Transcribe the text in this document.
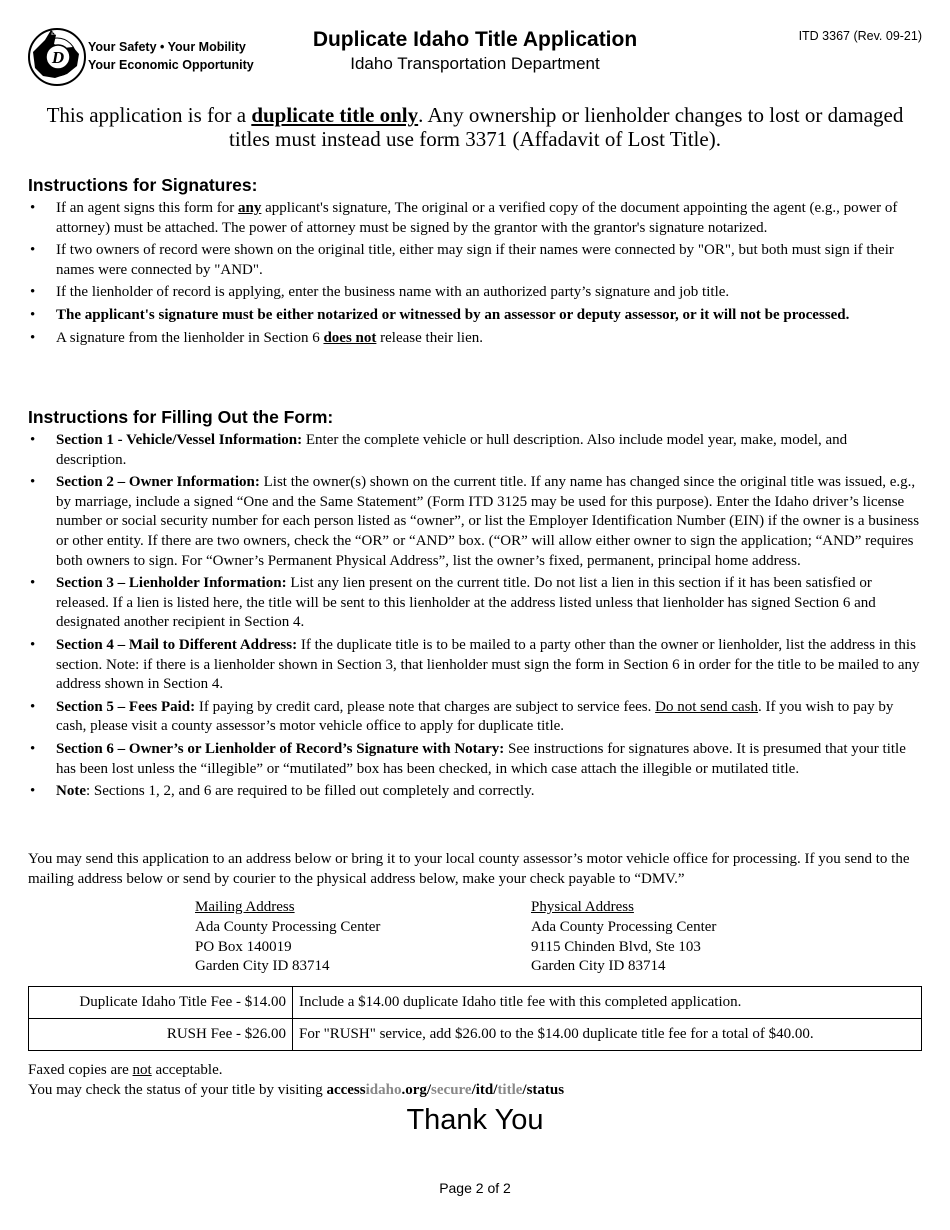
D
IDAHO
Your Safety • Your Mobility
Your Economic Opportunity
Duplicate Idaho Title Application
Idaho Transportation Department
ITD 3367 (Rev. 09-21)
This application is for a duplicate title only. Any ownership or lienholder changes to lost or damaged titles must instead use form 3371 (Affadavit of Lost Title).
Instructions for Signatures:
• If an agent signs this form for any applicant's signature, The original or a verified copy of the document appointing the agent (e.g., power of attorney) must be attached. The power of attorney must be signed by the grantor with the grantor's signature notarized.
• If two owners of record were shown on the original title, either may sign if their names were connected by "OR", but both must sign if their names were connected by "AND".
• If the lienholder of record is applying, enter the business name with an authorized party’s signature and job title.
• The applicant's signature must be either notarized or witnessed by an assessor or deputy assessor, or it will not be processed.
• A signature from the lienholder in Section 6 does not release their lien.
Instructions for Filling Out the Form:
• Section 1 - Vehicle/Vessel Information: Enter the complete vehicle or hull description. Also include model year, make, model, and description.
• Section 2 – Owner Information: List the owner(s) shown on the current title. If any name has changed since the original title was issued, e.g., by marriage, include a signed “One and the Same Statement” (Form ITD 3125 may be used for this purpose). Enter the Idaho driver’s license number or social security number for each person listed as “owner”, or list the Employer Identification Number (EIN) if the owner is a business or other entity. If there are two owners, check the “OR” or “AND” box. (“OR” will allow either owner to sign the application; “AND” requires both owners to sign. For “Owner’s Permanent Physical Address”, list the owner’s fixed, permanent, principal home address.
• Section 3 – Lienholder Information: List any lien present on the current title. Do not list a lien in this section if it has been satisfied or released. If a lien is listed here, the title will be sent to this lienholder at the address listed unless that lienholder has signed Section 6 and designated another recipient in Section 4.
• Section 4 – Mail to Different Address: If the duplicate title is to be mailed to a party other than the owner or lienholder, list the address in this section. Note: if there is a lienholder shown in Section 3, that lienholder must sign the form in Section 6 in order for the title to be mailed to any address shown in Section 4.
• Section 5 – Fees Paid: If paying by credit card, please note that charges are subject to service fees. Do not send cash. If you wish to pay by cash, please visit a county assessor’s motor vehicle office to apply for duplicate title.
• Section 6 – Owner’s or Lienholder of Record’s Signature with Notary: See instructions for signatures above. It is presumed that your title has been lost unless the “illegible” or “mutilated” box has been checked, in which case attach the illegible or mutilated title.
• Note: Sections 1, 2, and 6 are required to be filled out completely and correctly.
You may send this application to an address below or bring it to your local county assessor’s motor vehicle office for processing. If you send to the mailing address below or send by courier to the physical address below, make your check payable to “DMV.”
Mailing Address
Ada County Processing Center
PO Box 140019
Garden City ID 83714
Physical Address
Ada County Processing Center
9115 Chinden Blvd, Ste 103
Garden City ID 83714
Duplicate Idaho Title Fee - $14.00	Include a $14.00 duplicate Idaho title fee with this completed application.
RUSH Fee - $26.00	For "RUSH" service, add $26.00 to the $14.00 duplicate title fee for a total of $40.00.
Faxed copies are not acceptable.
You may check the status of your title by visiting accessidaho.org/secure/itd/title/status
Thank You
Page 2 of 2
